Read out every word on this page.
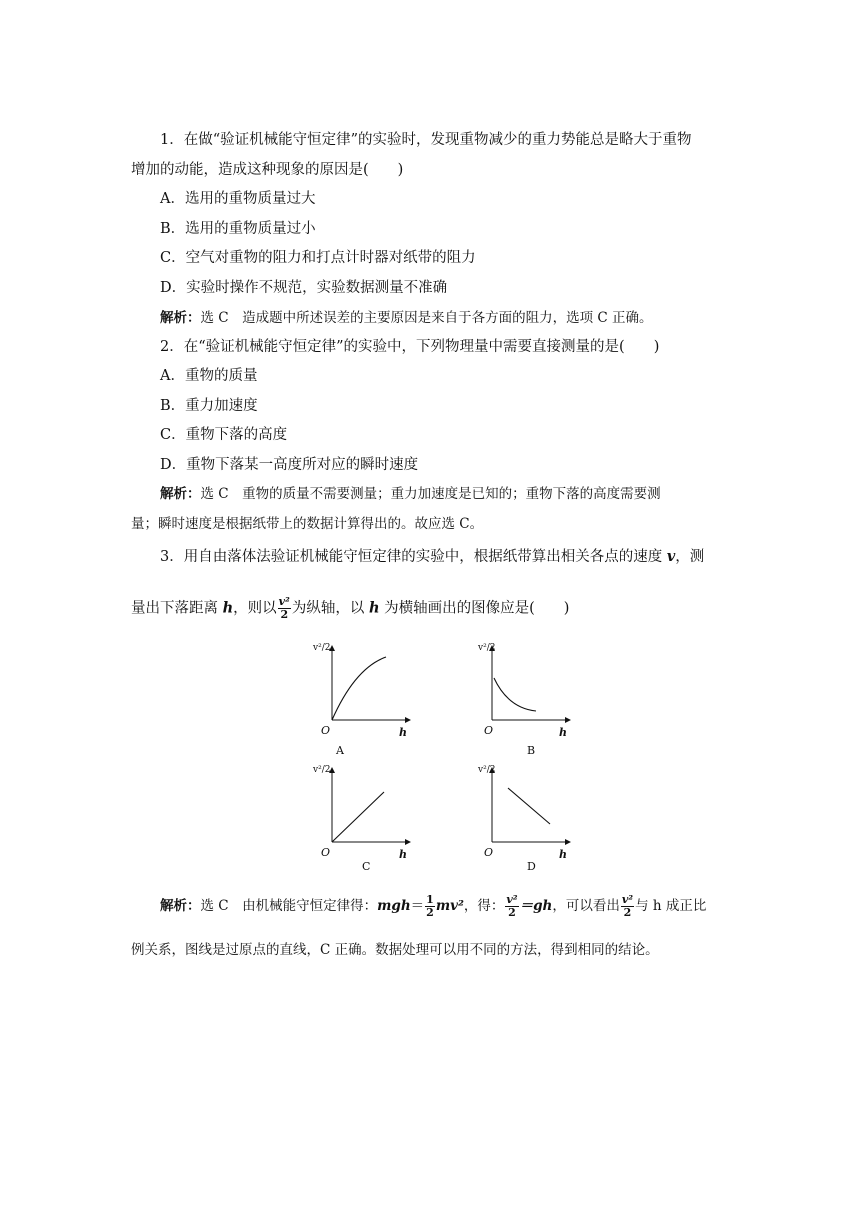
1．在做“验证机械能守恒定律”的实验时，发现重物减少的重力势能总是略大于重物
增加的动能，造成这种现象的原因是(　　)
A．选用的重物质量过大
B．选用的重物质量过小
C．空气对重物的阻力和打点计时器对纸带的阻力
D．实验时操作不规范，实验数据测量不准确
解析：选 C　造成题中所述误差的主要原因是来自于各方面的阻力，选项 C 正确。
2．在“验证机械能守恒定律”的实验中，下列物理量中需要直接测量的是(　　)
A．重物的质量
B．重力加速度
C．重物下落的高度
D．重物下落某一高度所对应的瞬时速度
解析：选 C　重物的质量不需要测量；重力加速度是已知的；重物下落的高度需要测
量；瞬时速度是根据纸带上的数据计算得出的。故应选 C。
3．用自由落体法验证机械能守恒定律的实验中，根据纸带算出相关各点的速度 v，测
量出下落距离 h，则以 $\frac{\text{v²}}{2}$ 为纵轴，以 h 为横轴画出的图像应是(　　)
v²/2	v²/2
v²/2	v²/2
O	h
A
O	h
B
O	h
C
O	h
D
解析：选 C　由机械能守恒定律得：$mgh= \frac{1}{2} mv^2$，得： $\frac{\text{v²}}{2} =gh$，可以看出 $\frac{\text{v²}}{2}$ 与 h 成正比
例关系，图线是过原点的直线，C 正确。数据处理可以用不同的方法，得到相同的结论。
